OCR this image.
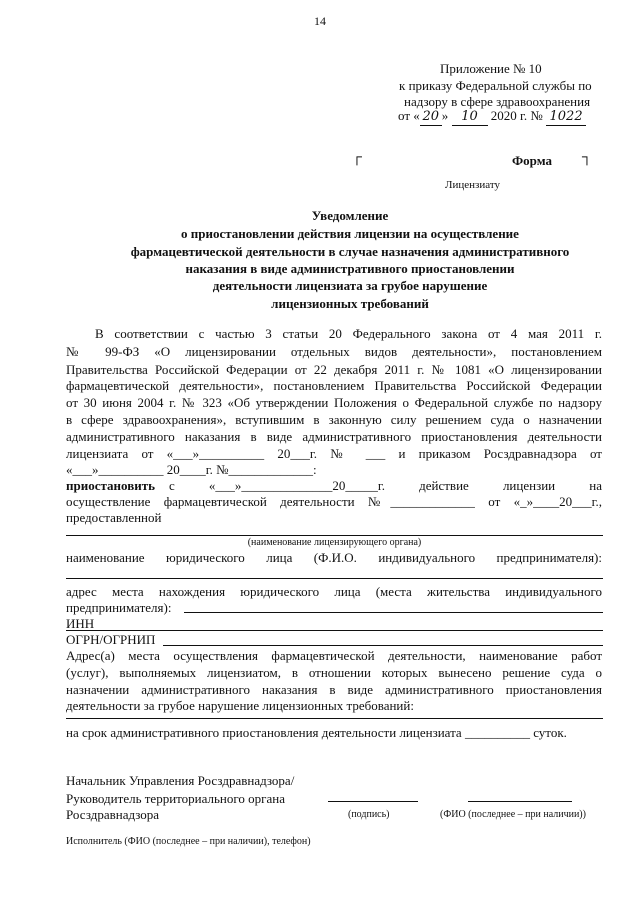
14
Приложение № 10
к приказу Федеральной службы по
надзору в сфере здравоохранения
от « 20 » 10 2020 г. № 1022
┌	Форма ┐
Лицензиату
Уведомление
о приостановлении действия лицензии на осуществление
фармацевтической деятельности в случае назначения административного
наказания в виде административного приостановлении
деятельности лицензиата за грубое нарушение
лицензионных требований
В соответствии с частью 3 статьи 20 Федерального закона от 4 мая 2011 г.
№ 99-ФЗ «О лицензировании отдельных видов деятельности», постановлением
Правительства Российской Федерации от 22 декабря 2011 г. № 1081 «О лицензировании
фармацевтической деятельности», постановлением Правительства Российской Федерации
от 30 июня 2004 г. № 323 «Об утверждении Положения о Федеральной службе по надзору
в сфере здравоохранения», вступившим в законную силу решением суда о назначении
административного наказания в виде административного приостановления деятельности
лицензиата от «___»__________ 20___г. № ___ и приказом Росздравнадзора от
«___»__________ 20____г. №_____________:
приостановить с «___»______________20_____г. действие лицензии на
осуществление фармацевтической деятельности №_____________ от «_»____20___г.,
предоставленной
(наименование лицензирующего органа)
наименование юридического лица (Ф.И.О. индивидуального предпринимателя):
адрес места нахождения юридического лица (места жительства индивидуального
предпринимателя):
ИНН
ОГРН/ОГРНИП
Адрес(а) места осуществления фармацевтической деятельности, наименование работ
(услуг), выполняемых лицензиатом, в отношении которых вынесено решение суда о
назначении административного наказания в виде административного приостановления
деятельности за грубое нарушение лицензионных требований:
на срок административного приостановления деятельности лицензиата __________ суток.
Начальник Управления Росздравнадзора/
Руководитель территориального органа
Росздравнадзора	(подпись)	(ФИО (последнее – при наличии))
Исполнитель (ФИО (последнее – при наличии), телефон)
